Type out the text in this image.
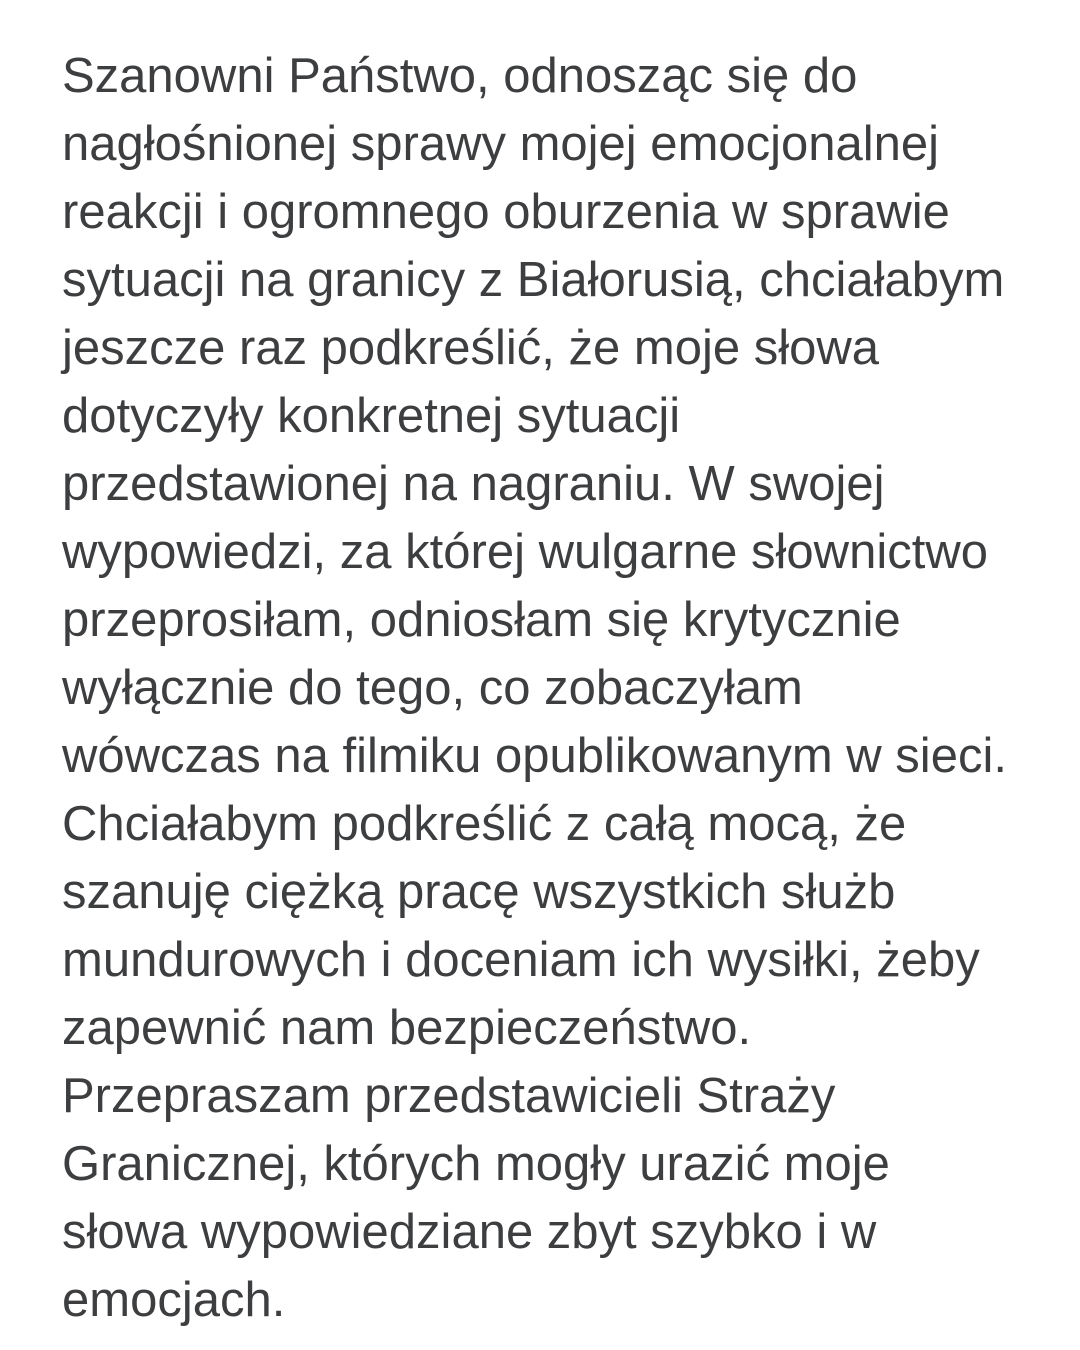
Szanowni Państwo, odnosząc się do
nagłośnionej sprawy mojej emocjonalnej
reakcji i ogromnego oburzenia w sprawie
sytuacji na granicy z Białorusią, chciałabym
jeszcze raz podkreślić, że moje słowa
dotyczyły konkretnej sytuacji
przedstawionej na nagraniu. W swojej
wypowiedzi, za której wulgarne słownictwo
przeprosiłam, odniosłam się krytycznie
wyłącznie do tego, co zobaczyłam
wówczas na filmiku opublikowanym w sieci.
Chciałabym podkreślić z całą mocą, że
szanuję ciężką pracę wszystkich służb
mundurowych i doceniam ich wysiłki, żeby
zapewnić nam bezpieczeństwo.
Przepraszam przedstawicieli Straży
Granicznej, których mogły urazić moje
słowa wypowiedziane zbyt szybko i w
emocjach.
